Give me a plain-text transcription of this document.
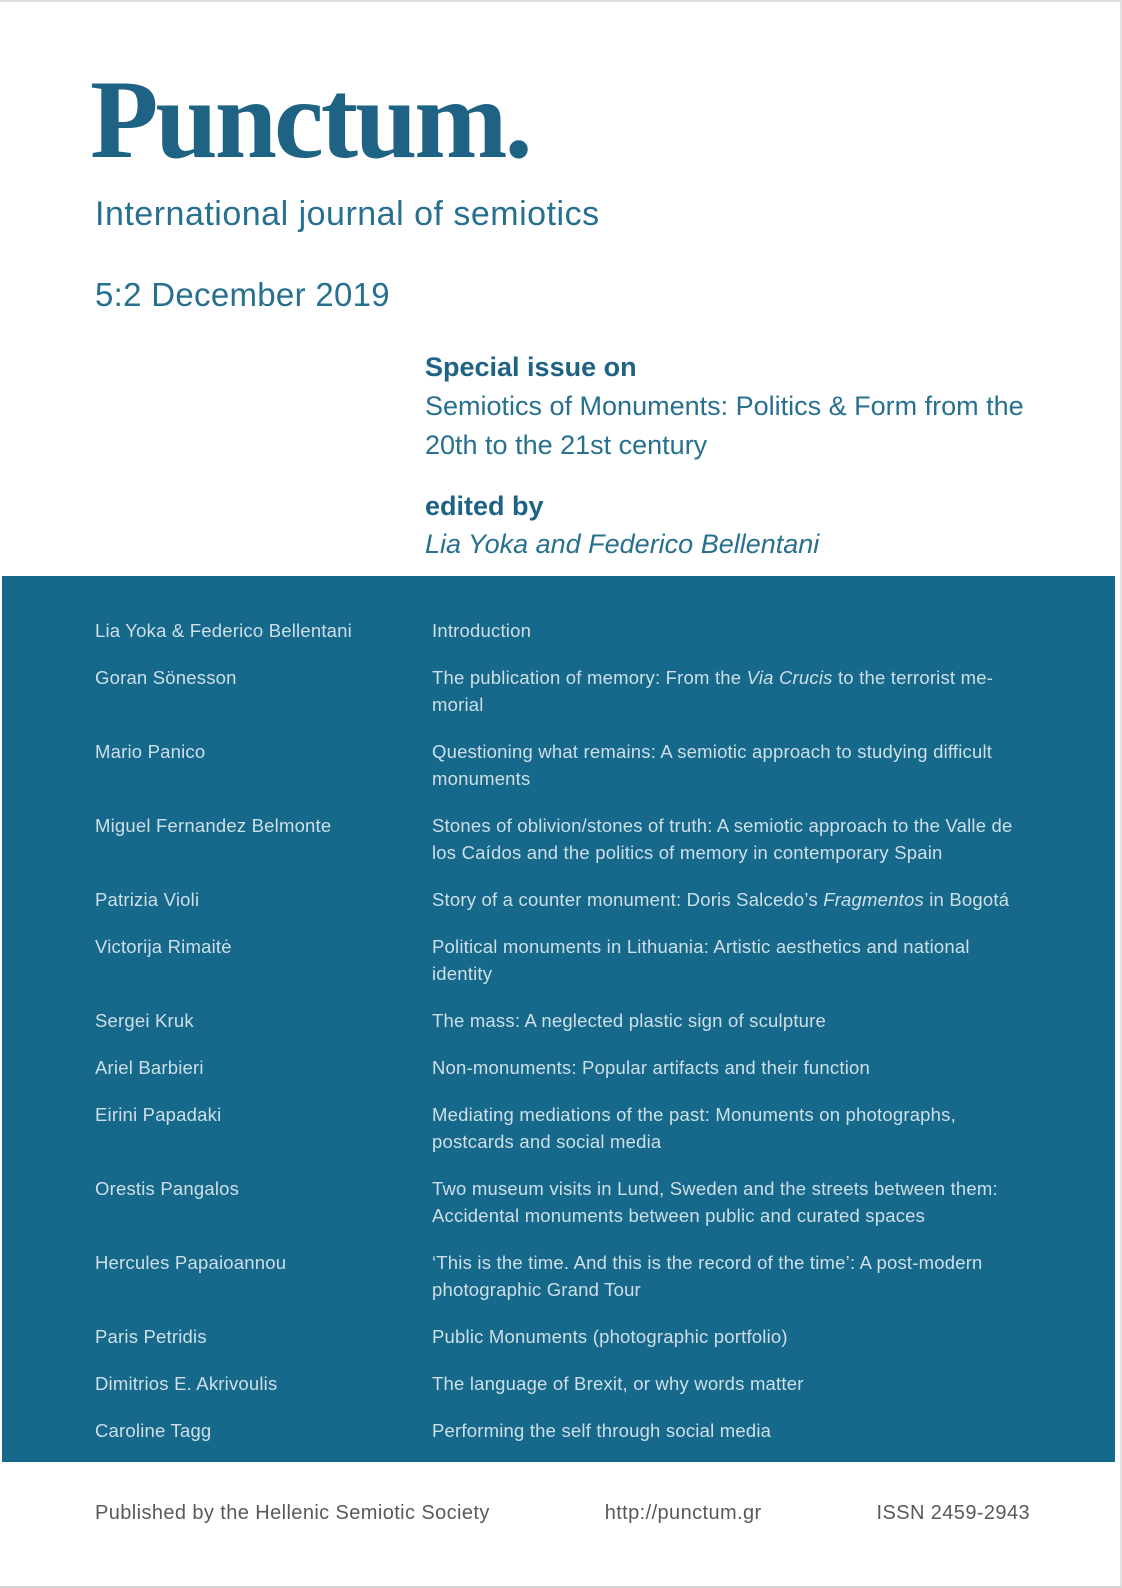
Punctum.
International journal of semiotics
5:2 December 2019
Special issue on
Semiotics of Monuments: Politics & Form from the 20th to the 21st century
edited by
Lia Yoka and Federico Bellentani
Lia Yoka & Federico Bellentani	Introduction
Goran Sönesson	The publication of memory: From the Via Crucis to the terrorist memorial
Mario Panico	Questioning what remains: A semiotic approach to studying difficult monuments
Miguel Fernandez Belmonte	Stones of oblivion/stones of truth: A semiotic approach to the Valle de los Caídos and the politics of memory in contemporary Spain
Patrizia Violi	Story of a counter monument: Doris Salcedo’s Fragmentos in Bogotá
Victorija Rimaitė	Political monuments in Lithuania: Artistic aesthetics and national identity
Sergei Kruk	The mass: A neglected plastic sign of sculpture
Ariel Barbieri	Non-monuments: Popular artifacts and their function
Eirini Papadaki	Mediating mediations of the past: Monuments on photographs, postcards and social media
Orestis Pangalos	Two museum visits in Lund, Sweden and the streets between them: Accidental monuments between public and curated spaces
Hercules Papaioannou	‘This is the time. And this is the record of the time’: A post-modern photographic Grand Tour
Paris Petridis	Public Monuments (photographic portfolio)
Dimitrios E. Akrivoulis	The language of Brexit, or why words matter
Caroline Tagg	Performing the self through social media
Published by the Hellenic Semiotic Society	http://punctum.gr	ISSN 2459-2943
